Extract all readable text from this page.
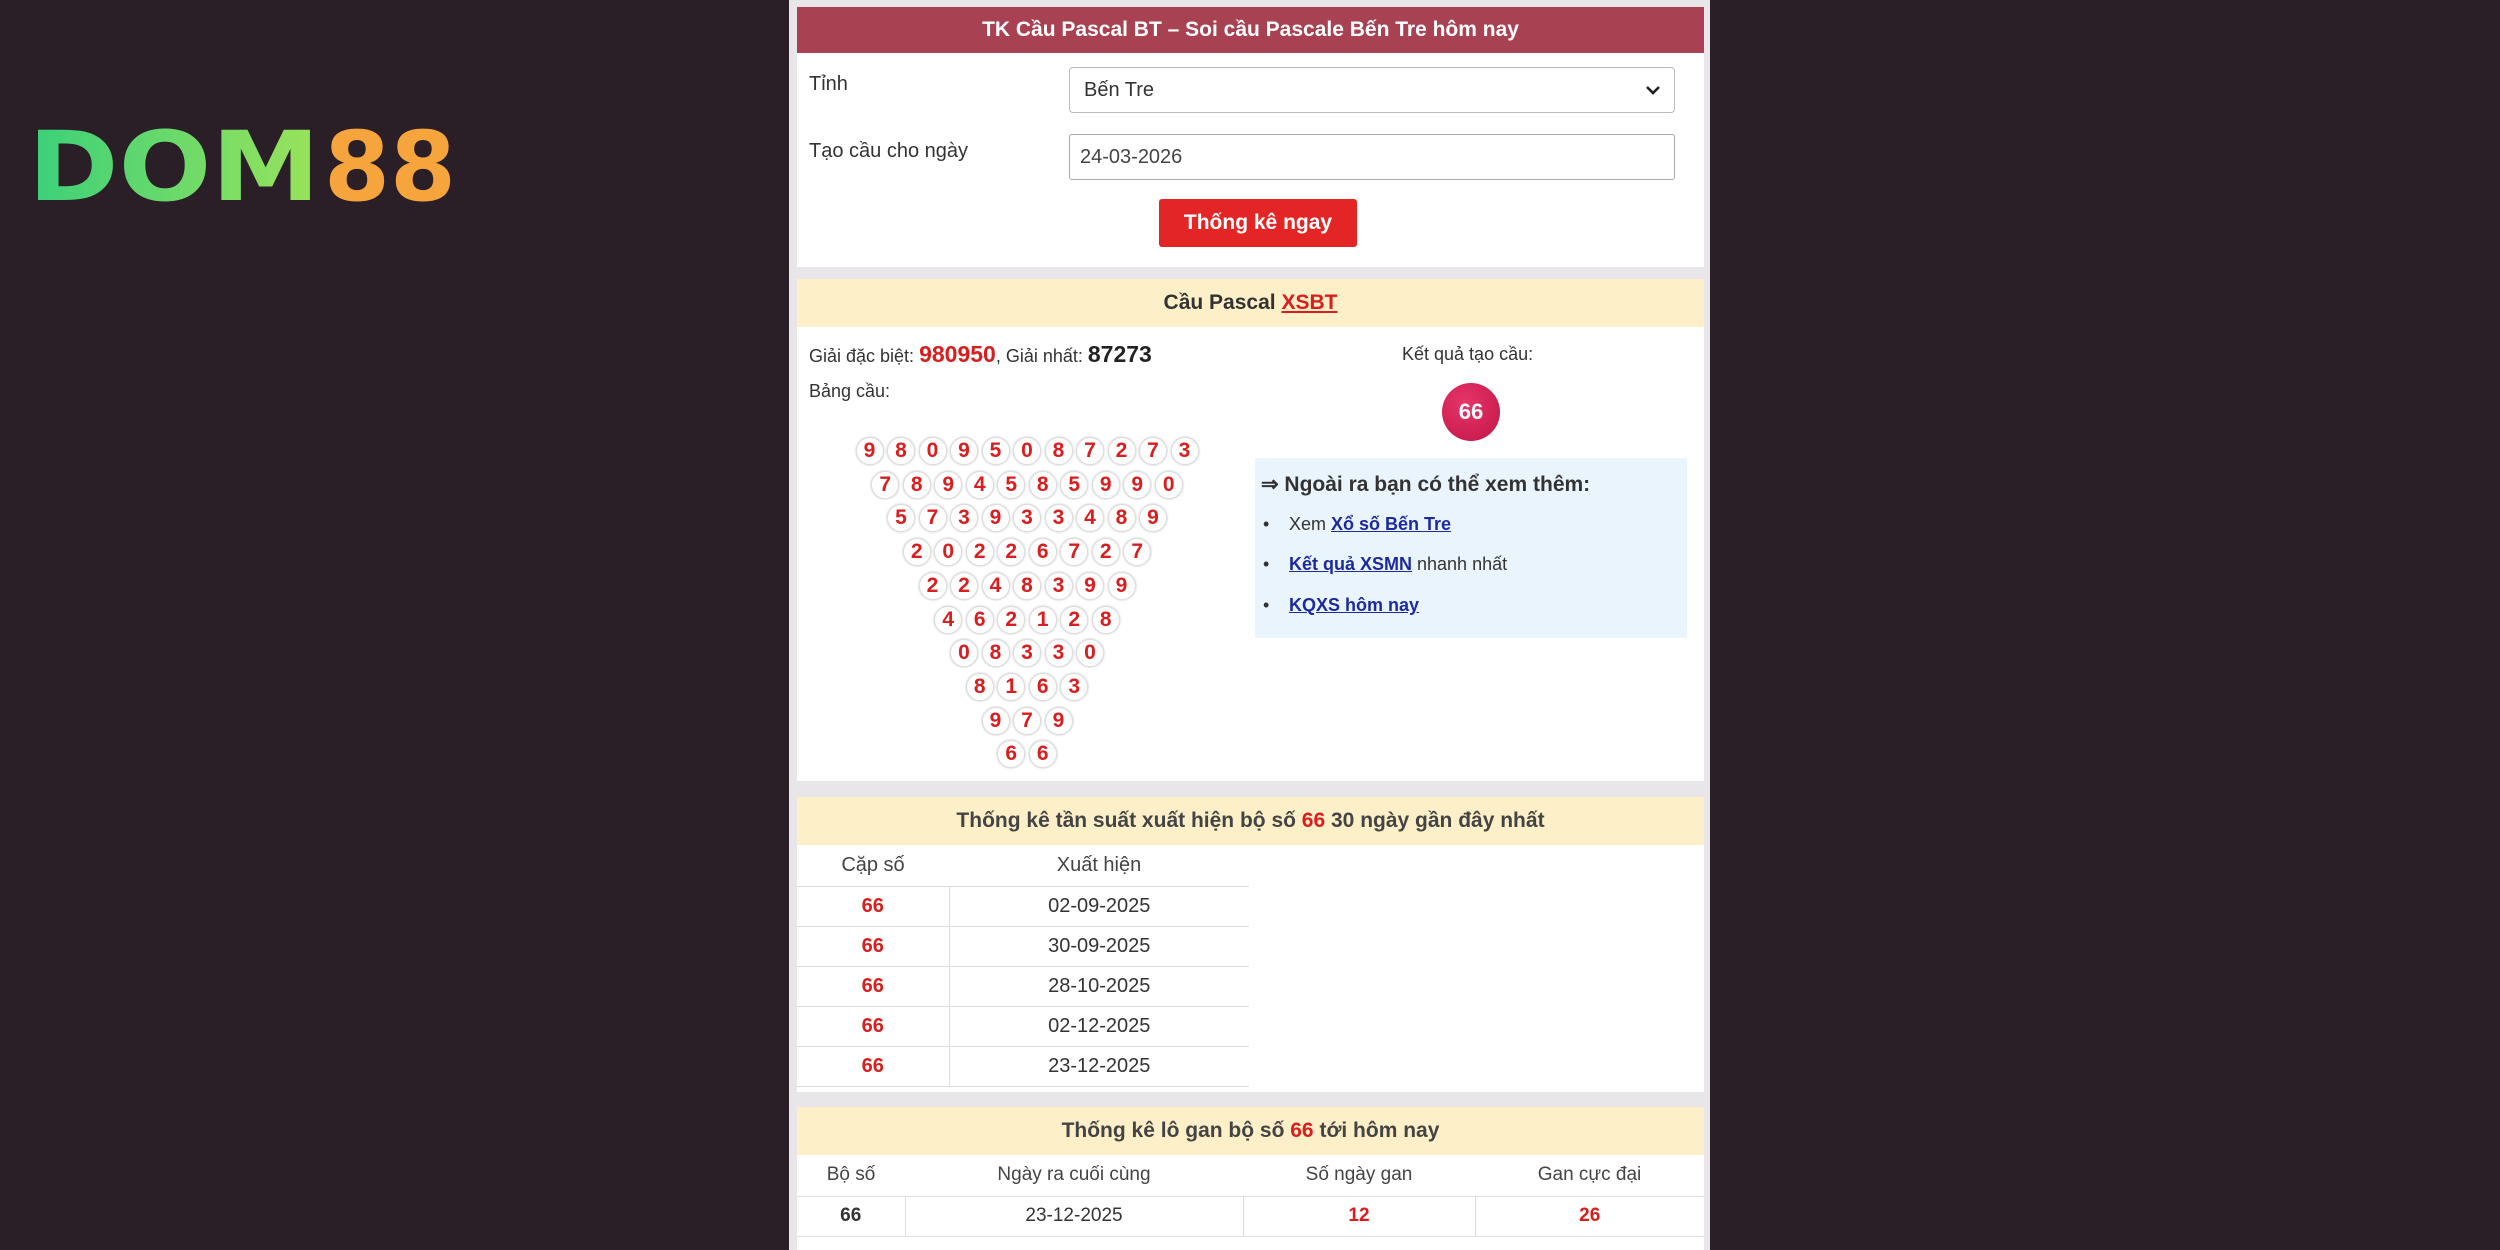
DOM 88
TK Cầu Pascal BT – Soi cầu Pascale Bến Tre hôm nay
Tỉnh	Bến Tre
Tạo cầu cho ngày	24-03-2026
Thống kê ngay
Cầu Pascal
XSBT
Giải đặc biệt: 980950, Giải nhất: 87273
Bảng cầu:
9 8 0 9 5 0 8 7 2 7 3
7 8 9 4 5 8 5 9 9 0
5 7 3 9 3 3 4 8 9
2 0 2 2 6 7 2 7
2 2 4 8 3 9 9
4 6 2 1 2 8
0 8 3 3 0
8 1 6 3
9 7 9
6 6
Kết quả tạo cầu:
66
⇒ Ngoài ra bạn có thể xem thêm:
• Xem Xổ số Bến Tre
• Kết quả XSMN nhanh nhất
• KQXS hôm nay
Thống kê tần suất xuất hiện bộ số
66
30 ngày gần đây nhất
Cặp số	Xuất hiện
66	02-09-2025
66	30-09-2025
66	28-10-2025
66	02-12-2025
66	23-12-2025
Thống kê lô gan bộ số
66
tới hôm nay
Bộ số	Ngày ra cuối cùng	Số ngày gan	Gan cực đại
66	23-12-2025	12	26
